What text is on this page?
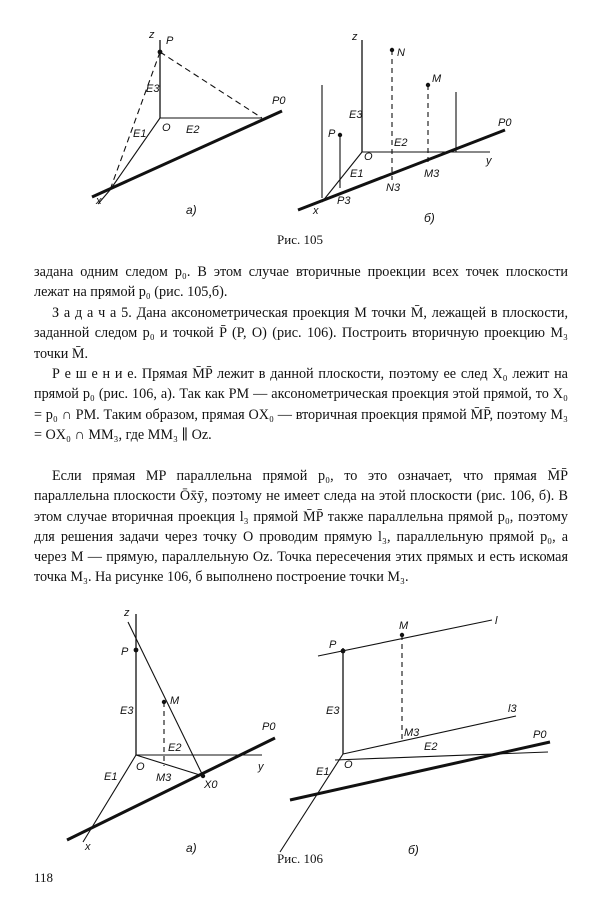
z P
E3
E1 O E2
P0
x
а)
z
N
M
P0
E3
P
E2
O	y
E1
N3
M3
P3
x	б)
Рис. 105

задана одним следом p₀. В этом случае вторичные проекции всех точек плоскости лежат на прямой p₀ (рис. 105,б).

З а д а ч а 5. Дана аксонометрическая проекция M точки M̄, лежащей в плоскости, заданной следом p₀ и точкой P̄ (P, O) (рис. 106). Построить вторичную проекцию M₃ точки M̄.

Р е ш е н и е. Прямая M̄P̄ лежит в данной плоскости, поэтому ее след X₀ лежит на прямой p₀ (рис. 106, а). Так как PM — аксонометрическая проекция этой прямой, то X₀ = p₀ ∩ PM. Таким образом, прямая OX₀ — вторичная проекция прямой M̄P̄, поэтому M₃ = OX₀ ∩ MM₃, где MM₃ ∥ Oz.

Если прямая MP параллельна прямой p₀, то это означает, что прямая M̄P̄ параллельна плоскости Ōx̄ȳ, поэтому не имеет следа на этой плоскости (рис. 106, б). В этом случае вторичная проекция l₃ прямой M̄P̄ также параллельна прямой p₀, поэтому для решения задачи через точку O проводим прямую l₃, параллельную прямой p₀, а через M — прямую, параллельную Oz. Точка пересечения этих прямых и есть искомая точка M₃. На рисунке 106, б выполнено построение точки M₃.

z
P
M
E3
P0
E2
y
E1
O
M3
X0
x	а)
P
M	l
E3
M3
l3
E2
P0
E1
O
б)
Рис. 106
118
